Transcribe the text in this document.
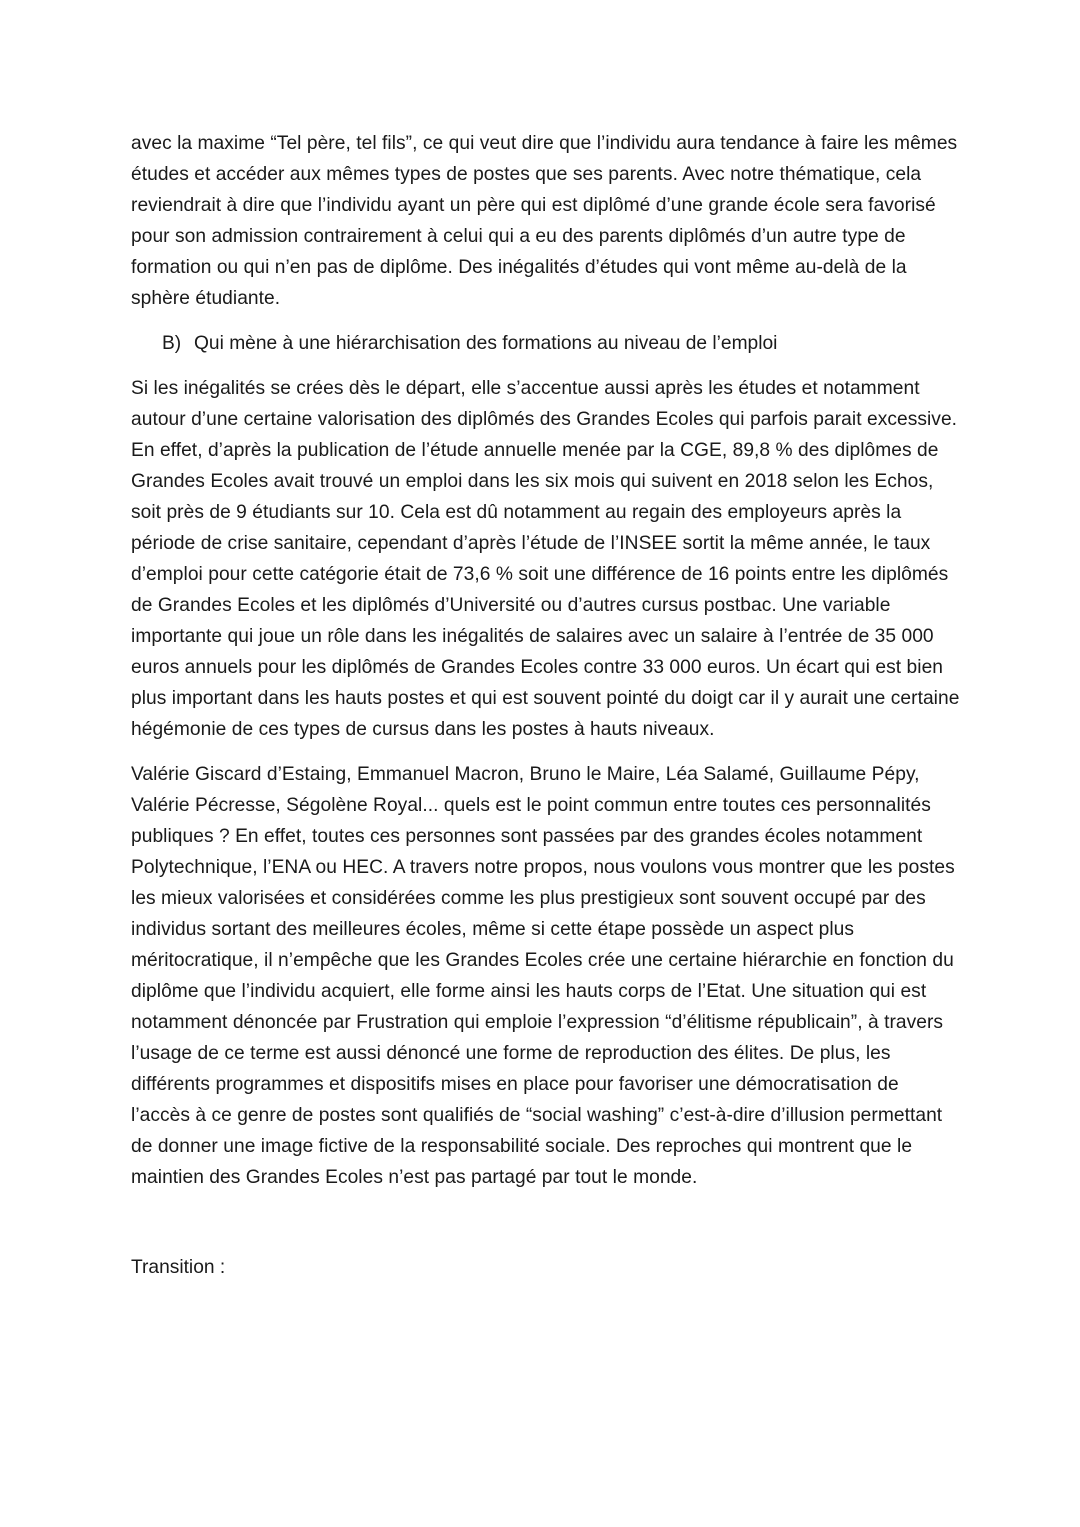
avec la maxime “Tel père, tel fils”, ce qui veut dire que l’individu aura tendance à faire les mêmes études et accéder aux mêmes types de postes que ses parents. Avec notre thématique, cela reviendrait à dire que l’individu ayant un père qui est diplômé d’une grande école sera favorisé pour son admission contrairement à celui qui a eu des parents diplômés d’un autre type de formation ou qui n’en pas de diplôme. Des inégalités d’études qui vont même au-delà de la sphère étudiante.

B) Qui mène à une hiérarchisation des formations au niveau de l’emploi

Si les inégalités se crées dès le départ, elle s’accentue aussi après les études et notamment autour d’une certaine valorisation des diplômés des Grandes Ecoles qui parfois parait excessive. En effet, d’après la publication de l’étude annuelle menée par la CGE, 89,8 % des diplômes de Grandes Ecoles avait trouvé un emploi dans les six mois qui suivent en 2018 selon les Echos, soit près de 9 étudiants sur 10. Cela est dû notamment au regain des employeurs après la période de crise sanitaire, cependant d’après l’étude de l’INSEE sortit la même année, le taux d’emploi pour cette catégorie était de 73,6 % soit une différence de 16 points entre les diplômés de Grandes Ecoles et les diplômés d’Université ou d’autres cursus postbac. Une variable importante qui joue un rôle dans les inégalités de salaires avec un salaire à l’entrée de 35 000 euros annuels pour les diplômés de Grandes Ecoles contre 33 000 euros. Un écart qui est bien plus important dans les hauts postes et qui est souvent pointé du doigt car il y aurait une certaine hégémonie de ces types de cursus dans les postes à hauts niveaux.

Valérie Giscard d’Estaing, Emmanuel Macron, Bruno le Maire, Léa Salamé, Guillaume Pépy, Valérie Pécresse, Ségolène Royal... quels est le point commun entre toutes ces personnalités publiques ? En effet, toutes ces personnes sont passées par des grandes écoles notamment Polytechnique, l’ENA ou HEC. A travers notre propos, nous voulons vous montrer que les postes les mieux valorisées et considérées comme les plus prestigieux sont souvent occupé par des individus sortant des meilleures écoles, même si cette étape possède un aspect plus méritocratique, il n’empêche que les Grandes Ecoles crée une certaine hiérarchie en fonction du diplôme que l’individu acquiert, elle forme ainsi les hauts corps de l’Etat. Une situation qui est notamment dénoncée par Frustration qui emploie l’expression “d’élitisme républicain”, à travers l’usage de ce terme est aussi dénoncé une forme de reproduction des élites. De plus, les différents programmes et dispositifs mises en place pour favoriser une démocratisation de l’accès à ce genre de postes sont qualifiés de “social washing” c’est-à-dire d’illusion permettant de donner une image fictive de la responsabilité sociale. Des reproches qui montrent que le maintien des Grandes Ecoles n’est pas partagé par tout le monde.

Transition :
